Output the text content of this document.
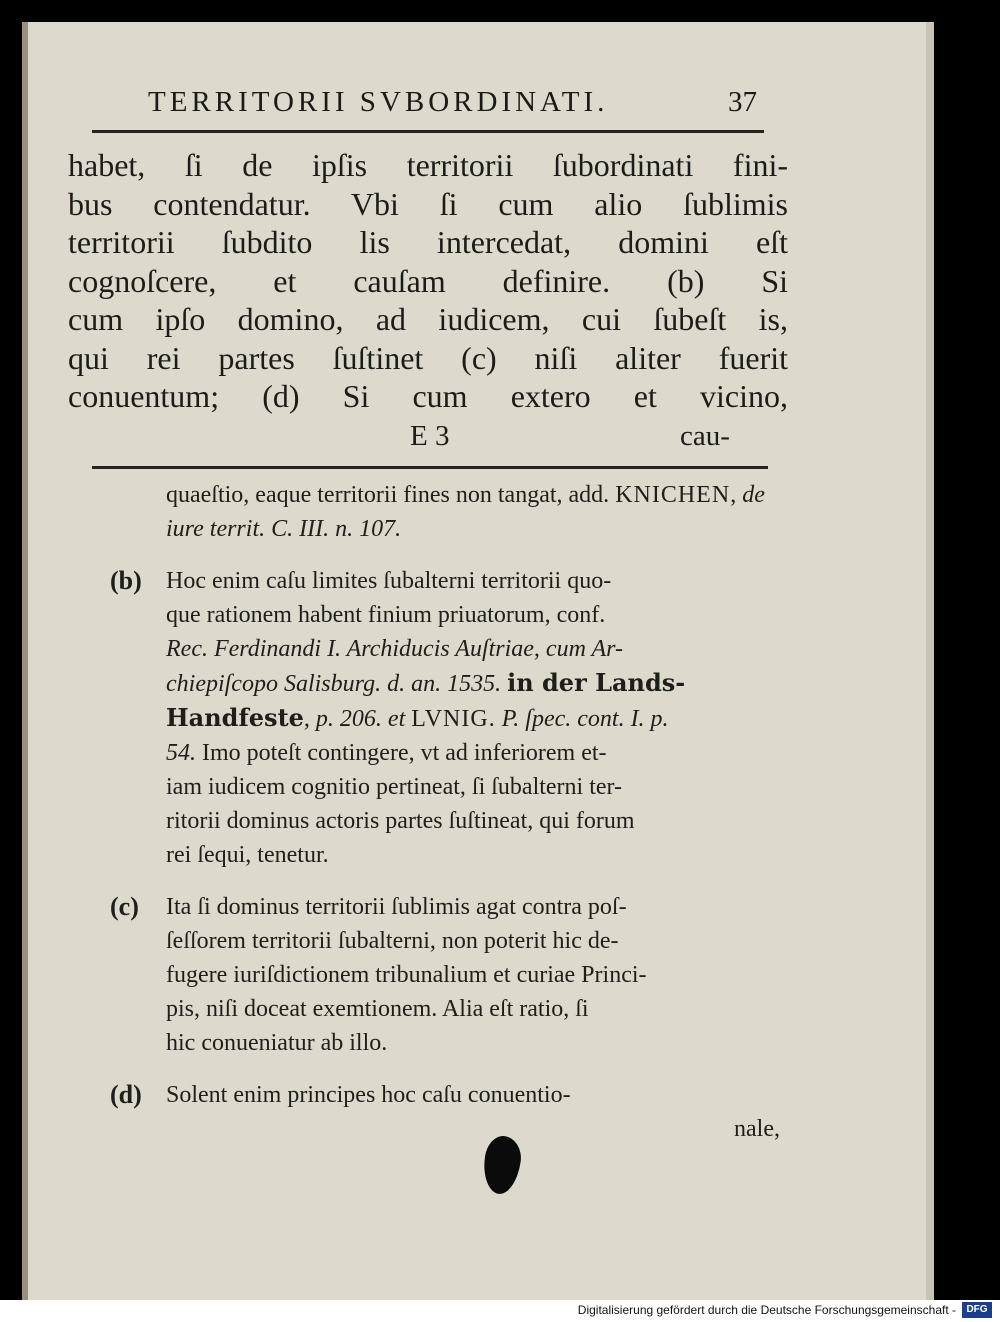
TERRITORII SVBORDINATI.	37
habet, ſi de ipſis territorii ſubordinati fini-
bus contendatur. Vbi ſi cum alio ſublimis
territorii ſubdito lis intercedat, domini eſt
cognoſcere, et cauſam definire. (b) Si
cum ipſo domino, ad iudicem, cui ſubeſt is,
qui rei partes ſuſtinet (c) niſi aliter fuerit
conuentum; (d) Si cum extero et vicino,
E 3	cau-
quaeſtio, eaque territorii fines non tangat, add. KNICHEN, de iure territ. C. III. n. 107.
(b) Hoc enim caſu limites ſubalterni territorii quo-
que rationem habent finium priuatorum, conf.
Rec. Ferdinandi I. Archiducis Auſtriae, cum Ar-
chiepiſcopo Salisburg. d. an. 1535. in der Lands-
Handfeste, p. 206. et LVNIG. P. ſpec. cont. I. p.
54. Imo poteſt contingere, vt ad inferiorem et-
iam iudicem cognitio pertineat, ſi ſubalterni ter-
ritorii dominus actoris partes ſuſtineat, qui forum
rei ſequi, tenetur.
(c) Ita ſi dominus territorii ſublimis agat contra poſ-
ſeſſorem territorii ſubalterni, non poterit hic de-
fugere iuriſdictionem tribunalium et curiae Princi-
pis, niſi doceat exemtionem. Alia eſt ratio, ſi
hic conueniatur ab illo.
(d) Solent enim principes hoc caſu conuentio-
nale,
Digitalisierung gefördert durch die Deutsche Forschungsgemeinschaft -	DFG
